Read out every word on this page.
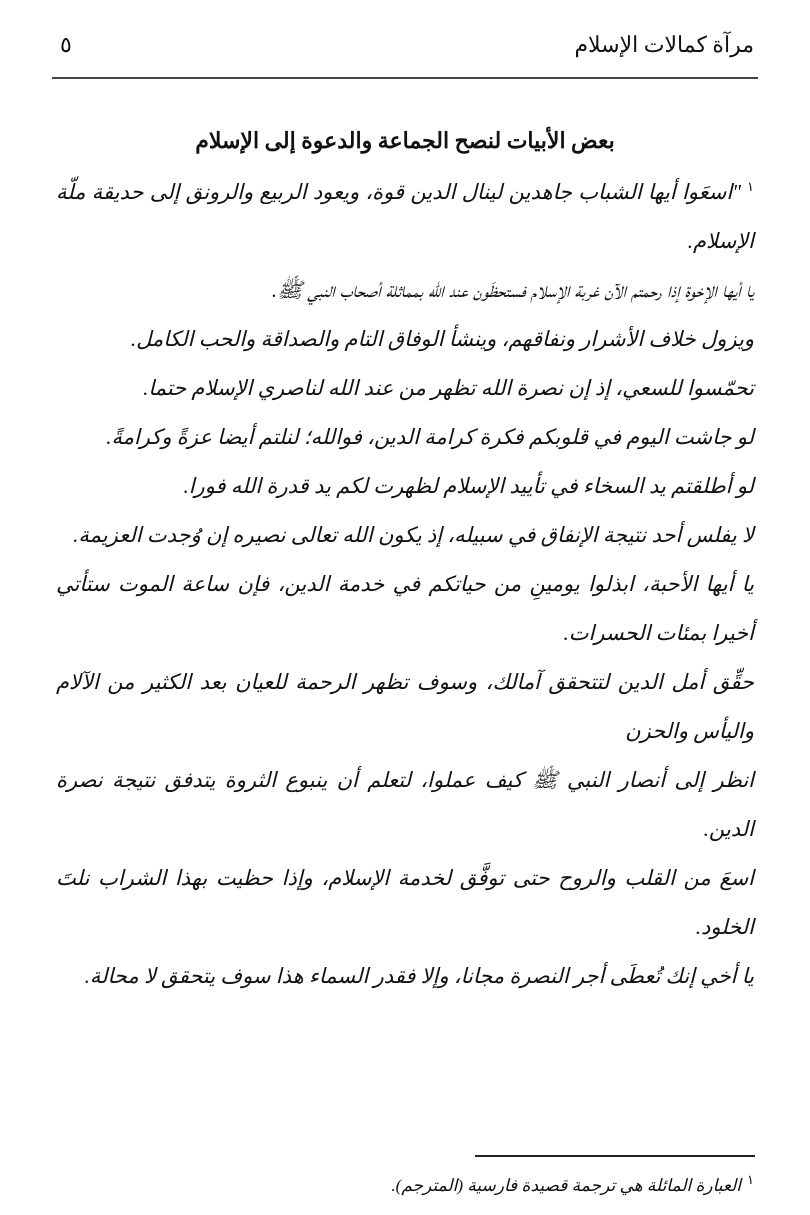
مرآة كمالات الإسلام
٥
بعض الأبيات لنصح الجماعة والدعوة إلى الإسلام

$^١$"اسعَوا أيها الشباب جاهدين لينال الدين قوة، ويعود الربيع والرونق إلى حديقة ملّة الإسلام.

يا أيها الإخوة إذا رحمتم الآن غربة الإسلام فستحظَون عند الله بمماثلة أصحاب النبي ﷺ.

ويزول خلاف الأشرار ونفاقهم، وينشأ الوفاق التام والصداقة والحب الكامل.

تحمّسوا للسعي، إذ إن نصرة الله تظهر من عند الله لناصري الإسلام حتما.

لو جاشت اليوم في قلوبكم فكرة كرامة الدين، فوالله؛ لنلتم أيضا عزةً وكرامةً.

لو أطلقتم يد السخاء في تأييد الإسلام لظهرت لكم يد قدرة الله فورا.

لا يفلس أحد نتيجة الإنفاق في سبيله، إذ يكون الله تعالى نصيره إن وُجدت العزيمة.

يا أيها الأحبة، ابذلوا يومينِ من حياتكم في خدمة الدين، فإن ساعة الموت ستأتي أخيرا بمئات الحسرات.

حقِّق أمل الدين لتتحقق آمالك، وسوف تظهر الرحمة للعيان بعد الكثير من الآلام واليأس والحزن

انظر إلى أنصار النبي ﷺ كيف عملوا، لتعلم أن ينبوع الثروة يتدفق نتيجة نصرة الدين.

اسعَ من القلب والروح حتى توفَّق لخدمة الإسلام، وإذا حظيت بهذا الشراب نلتَ الخلود.

يا أخي إنك تُعطَى أجر النصرة مجانا، وإلا فقدر السماء هذا سوف يتحقق لا محالة.

$^١$العبارة المائلة هي ترجمة قصيدة فارسية (المترجم).
